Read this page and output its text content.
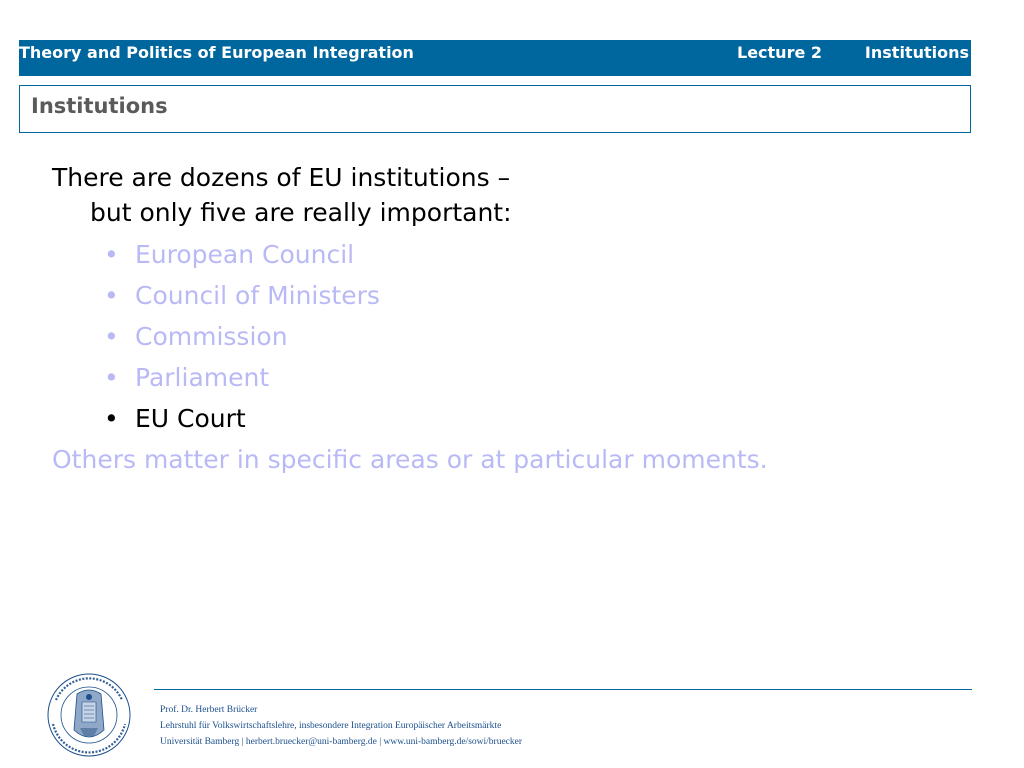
Theory and Politics of European Integration	Lecture 2	Institutions
Institutions
There are dozens of EU institutions –
but only five are really important:
• European Council
• Council of Ministers
• Commission
• Parliament
• EU Court
Others matter in specific areas or at particular moments.
Prof. Dr. Herbert Brücker
Lehrstuhl für Volkswirtschaftslehre, insbesondere Integration Europäischer Arbeitsmärkte
Universität Bamberg | herbert.bruecker@uni-bamberg.de | www.uni-bamberg.de/sowi/bruecker
